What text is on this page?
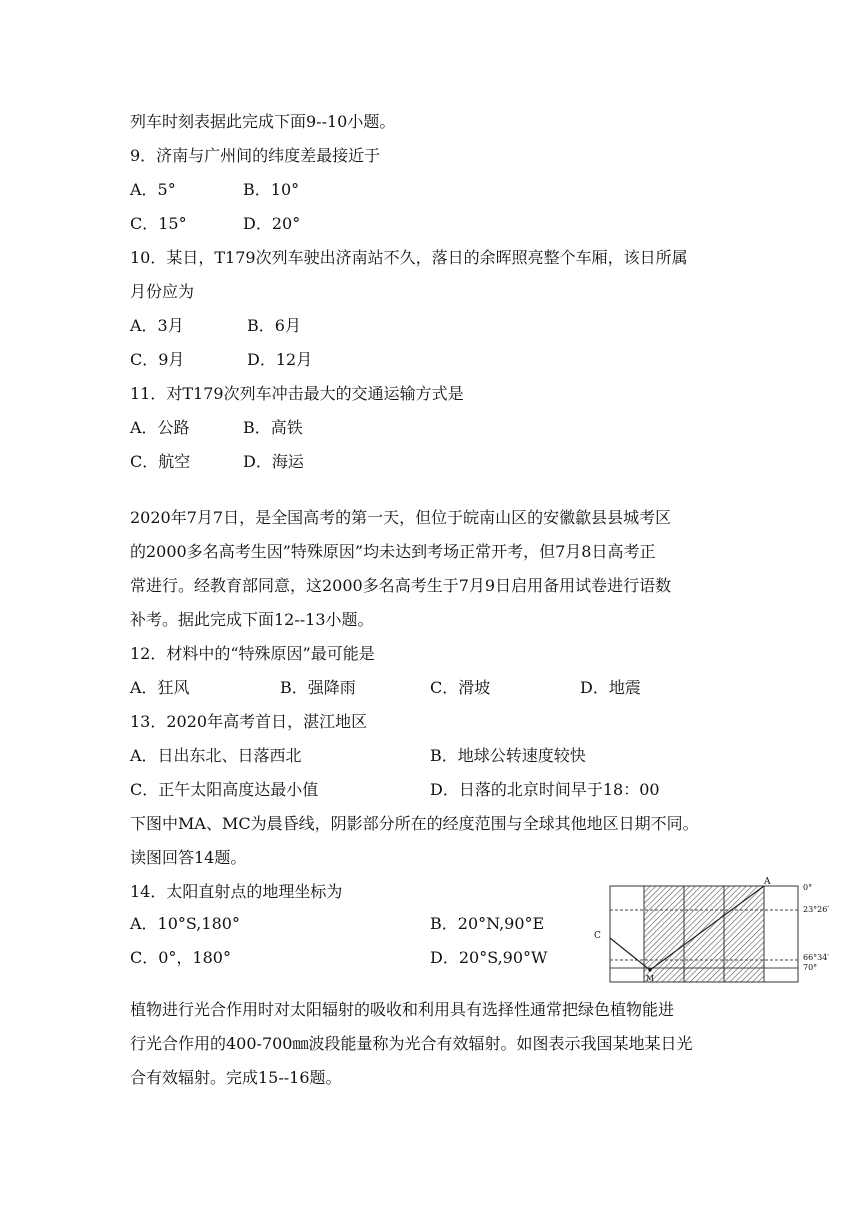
列车时刻表据此完成下面9--10小题。
9．济南与广州间的纬度差最接近于
A．5°	B．10°
C．15°	D．20°
10．某日，T179次列车驶出济南站不久，落日的余晖照亮整个车厢，该日所属
月份应为
A．3月	B．6月
C．9月	D．12月
11．对T179次列车冲击最大的交通运输方式是
A．公路	B．高铁
C．航空	D．海运
2020年7月7日，是全国高考的第一天，但位于皖南山区的安徽歙县县城考区
的2000多名高考生因”特殊原因”均未达到考场正常开考，但7月8日高考正
常进行。经教育部同意，这2000多名高考生于7月9日启用备用试卷进行语数
补考。据此完成下面12--13小题。
12．材料中的“特殊原因”最可能是
A．狂风	B．强降雨	C．滑坡	D．地震
13．2020年高考首日，湛江地区
A．日出东北、日落西北	B．地球公转速度较快
C．正午太阳高度达最小值	D．日落的北京时间早于18：00
下图中MA、MC为晨昏线，阴影部分所在的经度范围与全球其他地区日期不同。
读图回答14题。
14．太阳直射点的地理坐标为
A．10°S,180°	B．20°N,90°E
C．0°，180°	D．20°S,90°W
A
C
M
0°
23°26′
66°34′
70°
植物进行光合作用时对太阳辐射的吸收和利用具有选择性通常把绿色植物能进
行光合作用的400-700㎜波段能量称为光合有效辐射。如图表示我国某地某日光
合有效辐射。完成15--16题。
